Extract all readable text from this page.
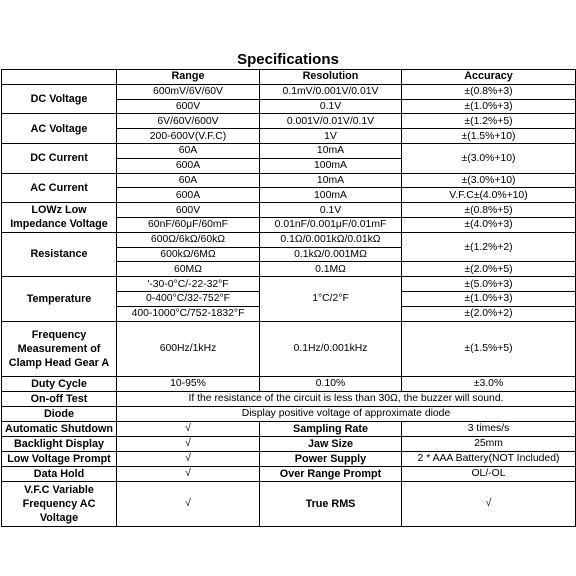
Specifications
	Range	Resolution	Accuracy
DC Voltage	600mV/6V/60V	0.1mV/0.001V/0.01V	±(0.8%+3)
	600V	0.1V	±(1.0%+3)
AC Voltage	6V/60V/600V	0.001V/0.01V/0.1V	±(1.2%+5)
	200-600V(V.F.C)	1V	±(1.5%+10)
DC Current	60A	10mA	±(3.0%+10)
	600A	100mA	
AC Current	60A	10mA	±(3.0%+10)
	600A	100mA	V.F.C±(4.0%+10)
LOWz Low Impedance Voltage	600V	0.1V	±(0.8%+5)
	60nF/60μF/60mF	0.01nF/0.001μF/0.01mF	±(4.0%+3)
Resistance	600Ω/6kΩ/60kΩ	0.1Ω/0.001kΩ/0.01kΩ	±(1.2%+2)
	600kΩ/6MΩ	0.1kΩ/0.001MΩ	
	60MΩ	0.1MΩ	±(2.0%+5)
Temperature	'-30-0°C/-22-32°F	1°C/2°F	±(5.0%+3)
	0-400°C/32-752°F		±(1.0%+3)
	400-1000°C/752-1832°F		±(2.0%+2)
Frequency Measurement of Clamp Head Gear A	600Hz/1kHz	0.1Hz/0.001kHz	±(1.5%+5)
Duty Cycle	10-95%	0.10%	±3.0%
On-off Test	If the resistance of the circuit is less than 30Ω, the buzzer will sound.		
Diode	Display positive voltage of approximate diode		
Automatic Shutdown	√	Sampling Rate	3 times/s
Backlight Display	√	Jaw Size	25mm
Low Voltage Prompt	√	Power Supply	2 * AAA Battery(NOT Included)
Data Hold	√	Over Range Prompt	OL/-OL
V.F.C Variable Frequency AC Voltage	√	True RMS	√
